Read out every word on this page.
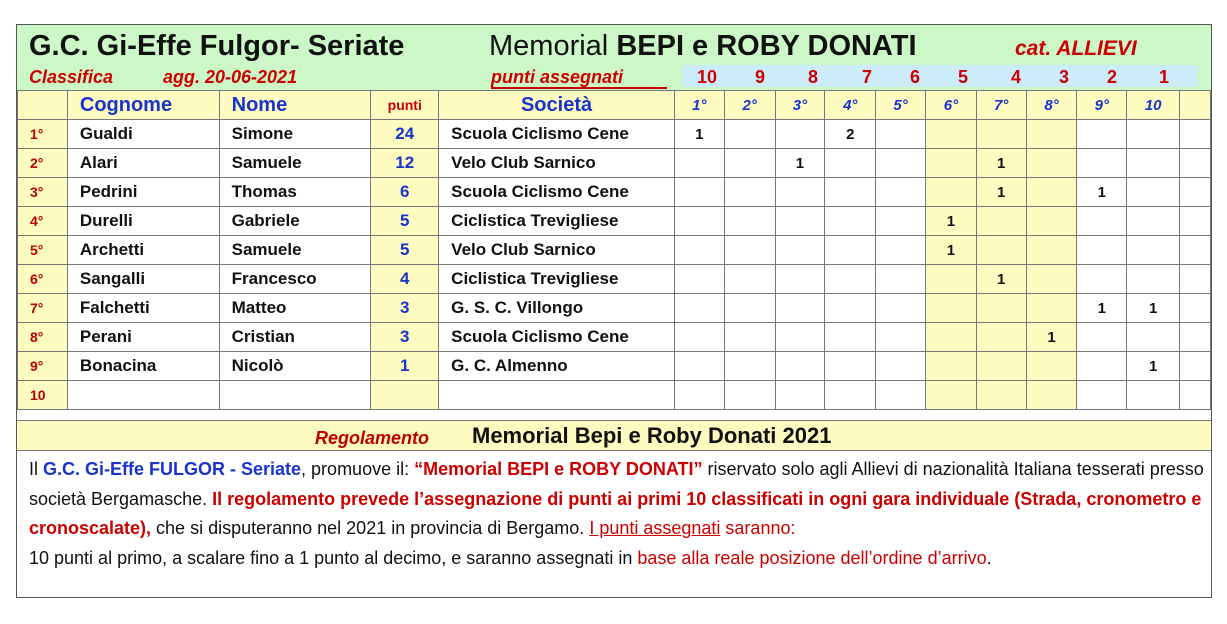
G.C. Gi-Effe Fulgor- Seriate	Memorial BEPI e ROBY DONATI	cat. ALLIEVI
Classifica	agg. 20-06-2021	punti assegnati	10	9	8	7	6	5	4	3	2	1
	Cognome	Nome	punti	Società	1°	2°	3°	4°	5°	6°	7°	8°	9°	10	
1°	Gualdi	Simone	24	Scuola Ciclismo Cene	1			2							
2°	Alari	Samuele	12	Velo Club Sarnico			1				1				
3°	Pedrini	Thomas	6	Scuola Ciclismo Cene							1		1		
4°	Durelli	Gabriele	5	Ciclistica Trevigliese						1					
5°	Archetti	Samuele	5	Velo Club Sarnico						1					
6°	Sangalli	Francesco	4	Ciclistica Trevigliese							1				
7°	Falchetti	Matteo	3	G. S. C. Villongo									1	1	
8°	Perani	Cristian	3	Scuola Ciclismo Cene								1			
9°	Bonacina	Nicolò	1	G. C. Almenno										1	
10															
Regolamento Memorial Bepi e Roby Donati 2021
Il G.C. Gi-Effe FULGOR - Seriate, promuove il: “Memorial BEPI e ROBY DONATI” riservato solo agli Allievi di nazionalità Italiana tesserati presso società Bergamasche. Il regolamento prevede l’assegnazione di punti ai primi 10 classificati in ogni gara individuale (Strada, cronometro e cronoscalate), che si disputeranno nel 2021 in provincia di Bergamo. I punti assegnati saranno:
10 punti al primo, a scalare fino a 1 punto al decimo, e saranno assegnati in base alla reale posizione dell’ordine d’arrivo.
